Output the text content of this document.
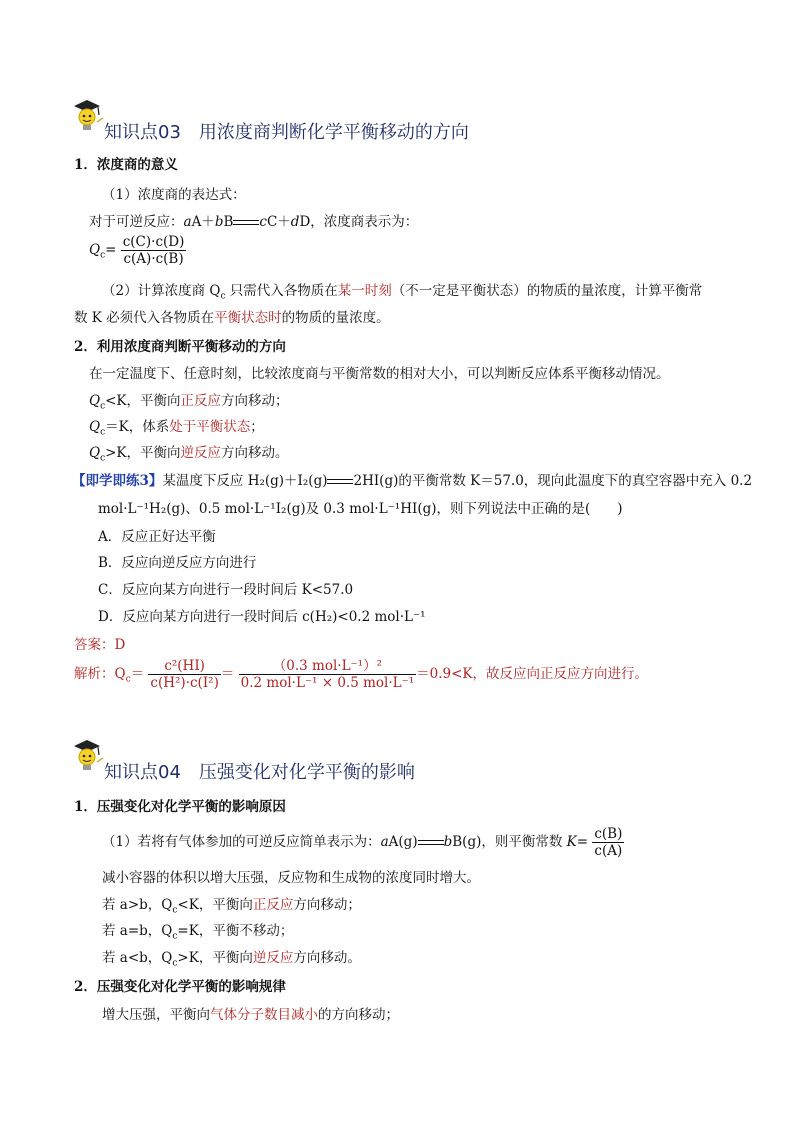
知识点03　用浓度商判断化学平衡移动的方向
1．浓度商的意义
（1）浓度商的表达式：
对于可逆反应：aA＋bB cC＋dD，浓度商表示为：
$Q_c= \frac{c(C)\cdot c(D)}{c(A)\cdot c(B)}$
（2）计算浓度商 $Q_c$ 只需代入各物质在某一时刻（不一定是平衡状态）的物质的量浓度，计算平衡常
数 K 必须代入各物质在平衡状态时的物质的量浓度。
2．利用浓度商判断平衡移动的方向
在一定温度下、任意时刻，比较浓度商与平衡常数的相对大小，可以判断反应体系平衡移动情况。
$Q_c<K$，平衡向正反应方向移动；
$Q_c=K$，体系处于平衡状态；
$Q_c>K$，平衡向逆反应方向移动。
【即学即练3】某温度下反应 H₂(g)＋I₂(g) 2HI(g)的平衡常数 K＝57.0，现向此温度下的真空容器中充入 0.2
mol·L⁻¹H₂(g)、0.5 mol·L⁻¹I₂(g)及 0.3 mol·L⁻¹HI(g)，则下列说法中正确的是(　　)
A．反应正好达平衡
B．反应向逆反应方向进行
C．反应向某方向进行一段时间后 K<57.0
D．反应向某方向进行一段时间后 c(H₂)<0.2 mol·L⁻¹
答案：D
解析：$Q_c= \frac{\text{c²(HI)}}{\text{c(H²)·c(I²)}} = \frac{\text{（0.3 mol·L⁻¹）²}}{\text{0.2 mol·L⁻¹ × 0.5 mol·L⁻¹}} =0.9<K$，故反应向正反应方向进行。
知识点04　压强变化对化学平衡的影响
1．压强变化对化学平衡的影响原因
（1）若将有气体参加的可逆反应简单表示为：aA(g) bB(g)，则平衡常数 $K= \frac{c(B)}{c(A)}$
减小容器的体积以增大压强，反应物和生成物的浓度同时增大。
若 a>b，$Q_c<K$，平衡向正反应方向移动；
若 a=b，$Q_c=K$，平衡不移动；
若 a<b，$Q_c>K$，平衡向逆反应方向移动。
2．压强变化对化学平衡的影响规律
增大压强，平衡向气体分子数目减小的方向移动；
